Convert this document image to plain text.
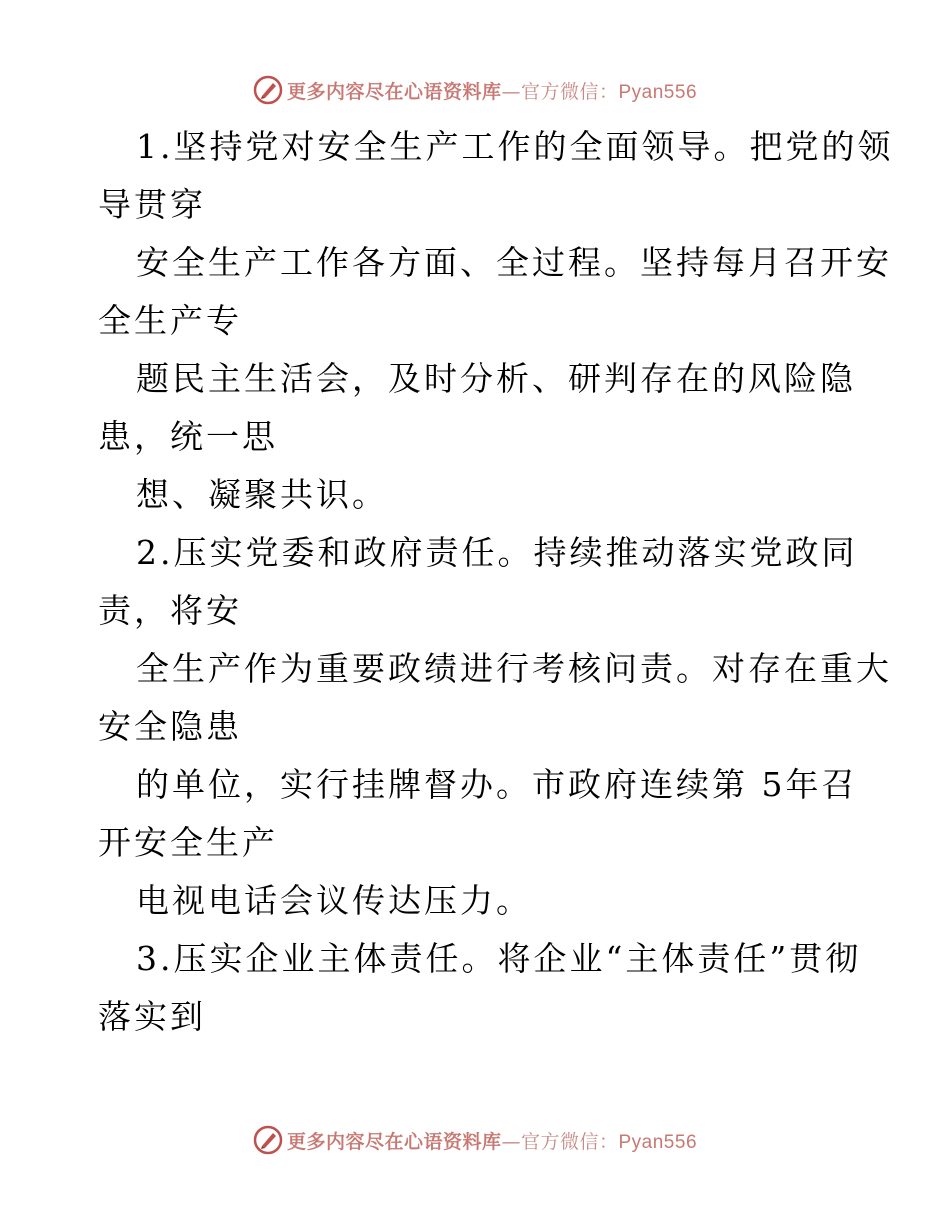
更多内容尽在心语资料库—官方微信：Pyan556
1.坚持党对安全生产工作的全面领导。把党的领
导贯穿
安全生产工作各方面、全过程。坚持每月召开安
全生产专
题民主生活会，及时分析、研判存在的风险隐
患，统一思
想、凝聚共识。
2.压实党委和政府责任。持续推动落实党政同
责，将安
全生产作为重要政绩进行考核问责。对存在重大
安全隐患
的单位，实行挂牌督办。市政府连续第 5年召
开安全生产
电视电话会议传达压力。
3.压实企业主体责任。将企业“主体责任”贯彻
落实到
更多内容尽在心语资料库—官方微信：Pyan556
